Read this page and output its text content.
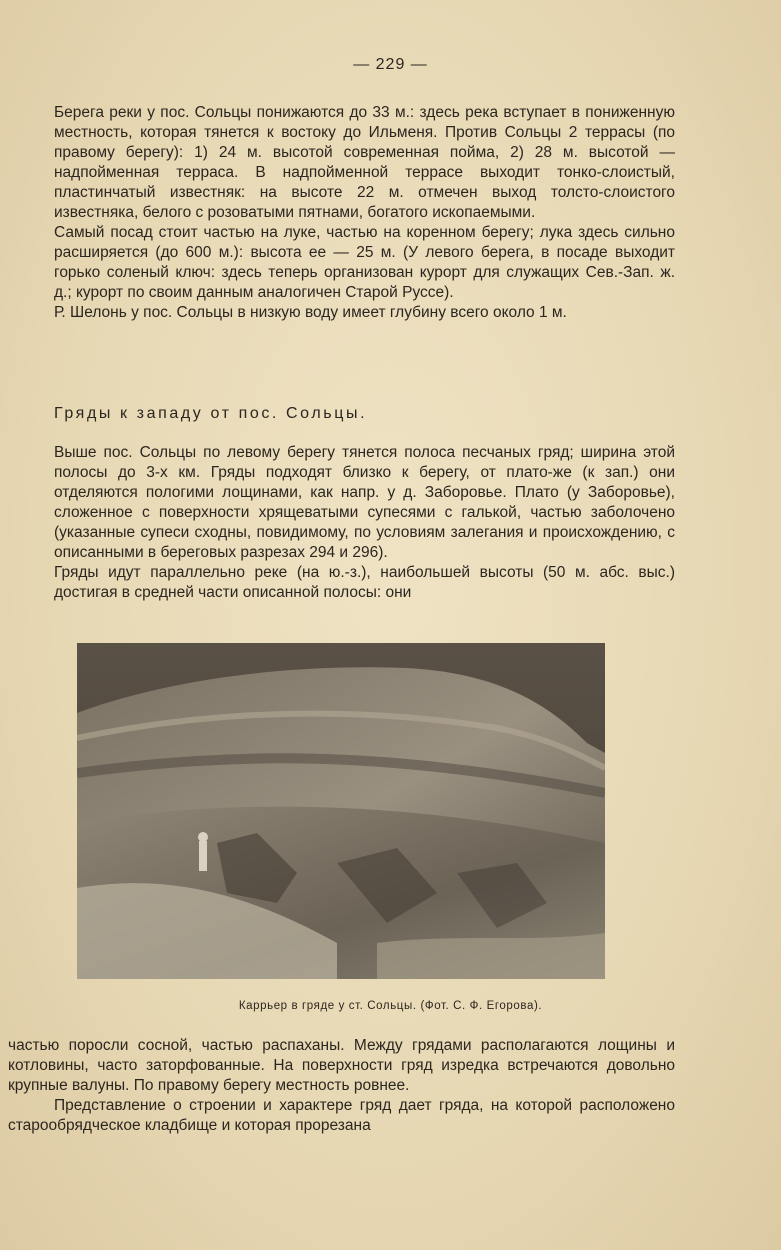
— 229 —

Берега реки у пос. Сольцы понижаются до 33 м.: здесь река вступает в пониженную местность, которая тянется к востоку до Ильменя. Против Сольцы 2 террасы (по правому берегу): 1) 24 м. высотой современная пойма, 2) 28 м. высотой — надпойменная терраса. В надпойменной террасе выходит тонко-слоистый, пластинчатый известняк: на высоте 22 м. отмечен выход толсто-слоистого известняка, белого с розоватыми пятнами, богатого ископаемыми.

Самый посад стоит частью на луке, частью на коренном берегу; лука здесь сильно расширяется (до 600 м.): высота ее — 25 м. (У левого берега, в посаде выходит горько соленый ключ: здесь теперь организован курорт для служащих Сев.-Зап. ж. д.; курорт по своим данным аналогичен Старой Руссе).

Р. Шелонь у пос. Сольцы в низкую воду имеет глубину всего около 1 м.

Гряды к западу от пос. Сольцы.

Выше пос. Сольцы по левому берегу тянется полоса песчаных гряд; ширина этой полосы до 3-х км. Гряды подходят близко к берегу, от плато-же (к зап.) они отделяются пологими лощинами, как напр. у д. Заборовье. Плато (у Заборовье), сложенное с поверхности хрящеватыми супесями с галькой, частью заболочено (указанные супеси сходны, повидимому, по условиям залегания и происхождению, с описанными в береговых разрезах 294 и 296).

Гряды идут параллельно реке (на ю.-з.), наибольшей высоты (50 м. абс. выс.) достигая в средней части описанной полосы: они

Каррьер в гряде у ст. Сольцы. (Фот. С. Ф. Егорова).

частью поросли сосной, частью распаханы. Между грядами располагаются лощины и котловины, часто заторфованные. На поверхности гряд изредка встречаются довольно крупные валуны. По правому берегу местность ровнее.

Представление о строении и характере гряд дает гряда, на которой расположено старообрядческое кладбище и которая прорезана
